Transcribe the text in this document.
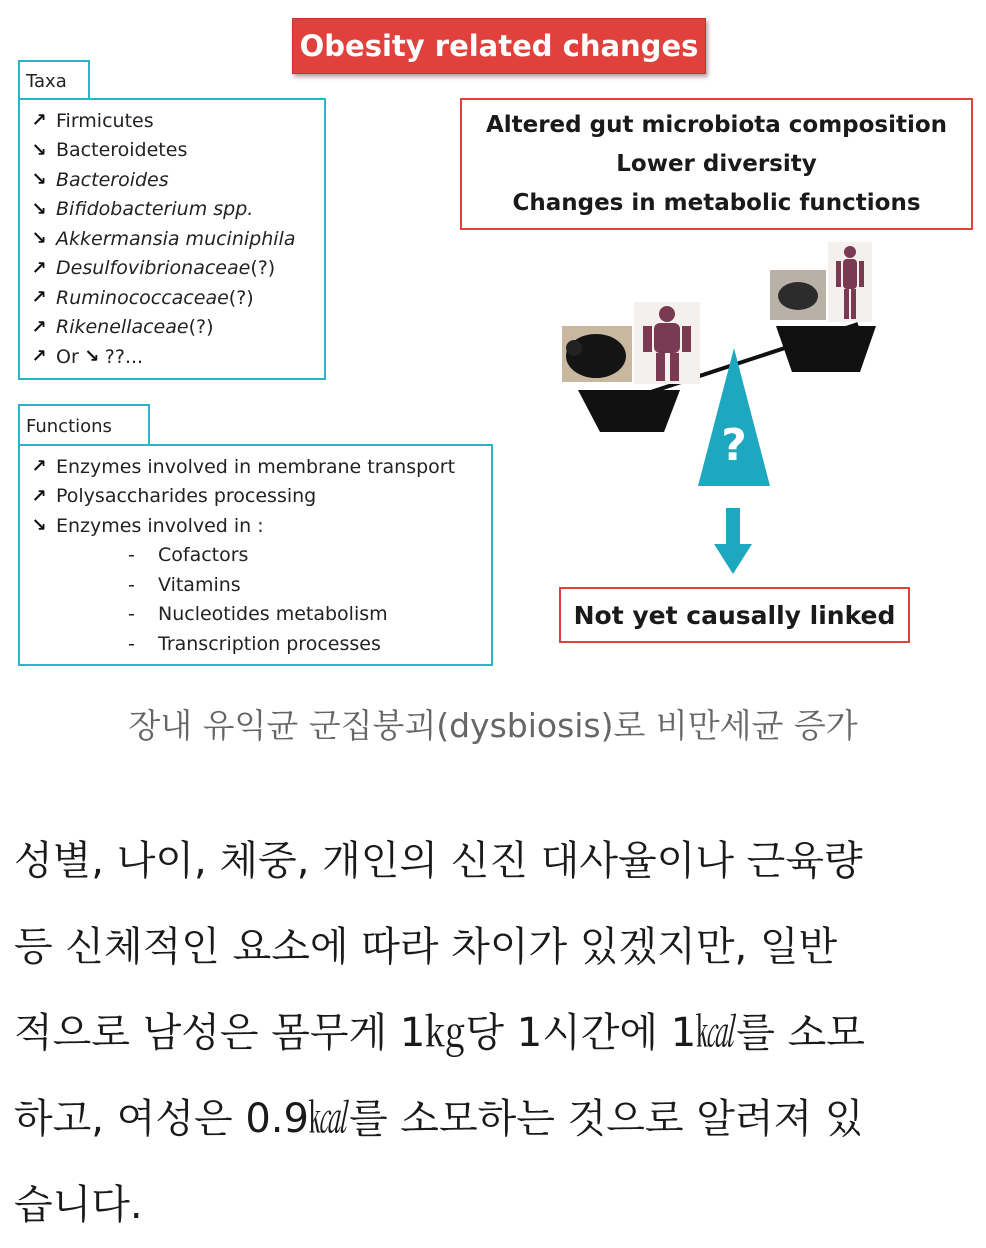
Obesity related changes
Taxa
↗ Firmicutes
↘ Bacteroidetes
↘ Bacteroides
↘ Bifidobacterium spp.
↘ Akkermansia muciniphila
↗ Desulfovibrionaceae (?)
↗ Ruminococcaceae (?)
↗ Rikenellaceae (?)
↗ Or ↘ ??...
Functions
↗ Enzymes involved in membrane transport
↗ Polysaccharides processing
↘ Enzymes involved in :
-	Cofactors
-	Vitamins
-	Nucleotides metabolism
-	Transcription processes
Altered gut microbiota composition
Lower diversity
Changes in metabolic functions
?
Not yet causally linked
장내 유익균 군집붕괴(dysbiosis)로 비만세균 증가

성별, 나이, 체중, 개인의 신진 대사율이나 근육량

등 신체적인 요소에 따라 차이가 있겠지만, 일반

적으로 남성은 몸무게 1㎏당 1시간에 1㎉를 소모

하고, 여성은 0.9㎉를 소모하는 것으로 알려져 있

습니다.
